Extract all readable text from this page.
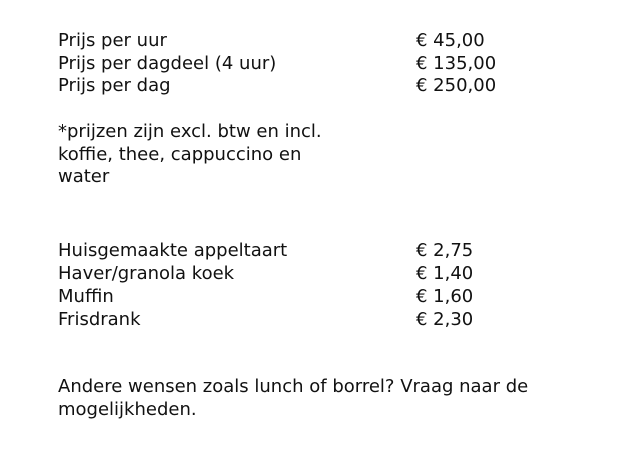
Prijs per uur	€ 45,00
Prijs per dagdeel (4 uur)	€ 135,00
Prijs per dag	€ 250,00
*prijzen zijn excl. btw en incl.
koffie, thee, cappuccino en
water
Huisgemaakte appeltaart	€ 2,75
Haver/granola koek	€ 1,40
Muffin	€ 1,60
Frisdrank	€ 2,30
Andere wensen zoals lunch of borrel? Vraag naar de
mogelijkheden.
